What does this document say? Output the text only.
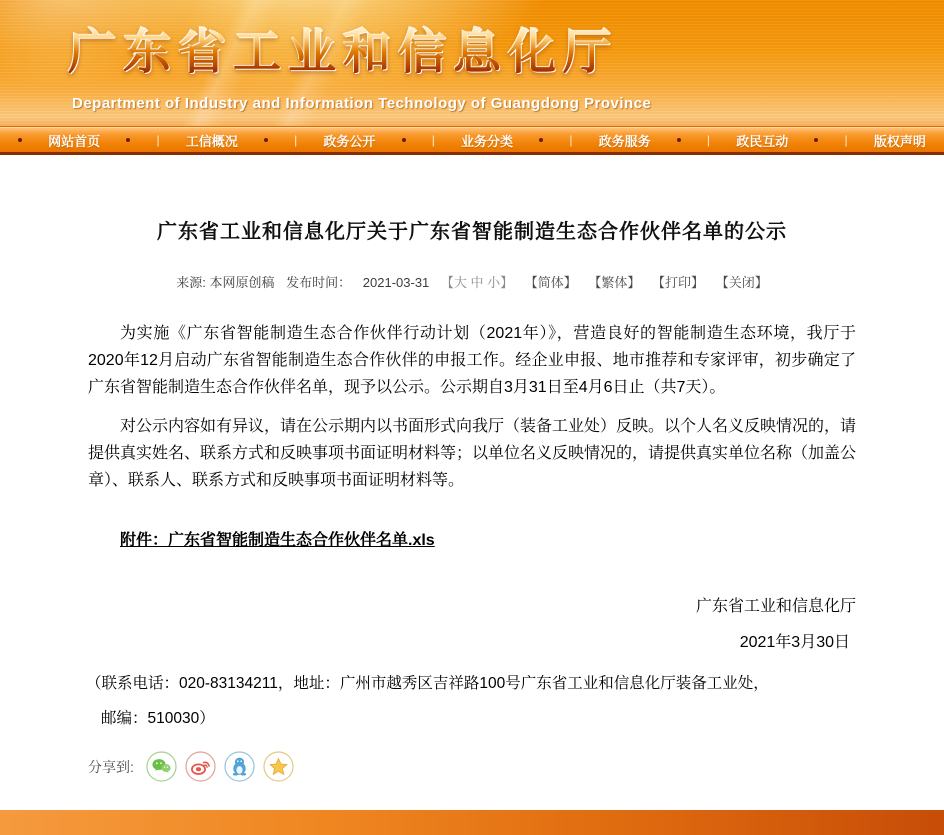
广东省工业和信息化厅
Department of Industry and Information Technology of Guangdong Province
网站首页	| 工信概况	| 政务公开	| 业务分类	| 政务服务	| 政民互动	| 版权声明
广东省工业和信息化厅关于广东省智能制造生态合作伙伴名单的公示
来源: 本网原创稿 发布时间： 2021-03-31 【大 中 小】 【简体】 【繁体】 【打印】 【关闭】

为实施《广东省智能制造生态合作伙伴行动计划（2021年）》，营造良好的智能制造生态环境，我厅于2020年12月启动广东省智能制造生态合作伙伴的申报工作。经企业申报、地市推荐和专家评审，初步确定了广东省智能制造生态合作伙伴名单，现予以公示。公示期自3月31日至4月6日止（共7天）。

对公示内容如有异议，请在公示期内以书面形式向我厅（装备工业处）反映。以个人名义反映情况的，请提供真实姓名、联系方式和反映事项书面证明材料等；以单位名义反映情况的，请提供真实单位名称（加盖公章）、联系人、联系方式和反映事项书面证明材料等。

附件：广东省智能制造生态合作伙伴名单.xls
广东省工业和信息化厅
2021年3月30日
（联系电话：020-83134211，地址：广州市越秀区吉祥路100号广东省工业和信息化厅装备工业处，
邮编：510030）
分享到:
